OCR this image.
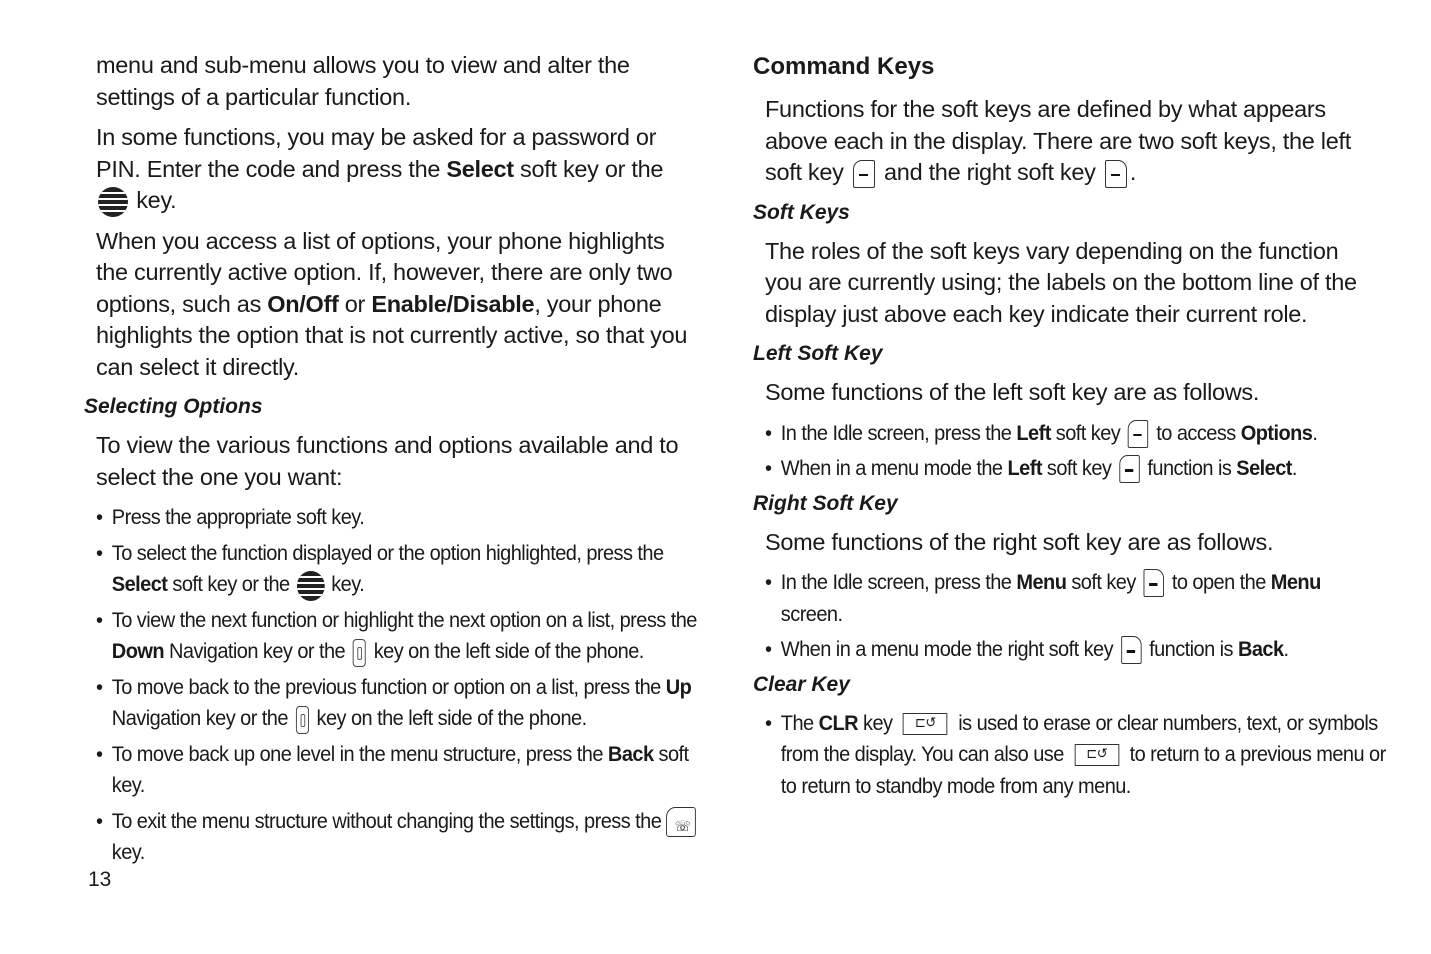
menu and sub-menu allows you to view and alter the settings of a particular function.

In some functions, you may be asked for a password or PIN. Enter the code and press the Select soft key or the
key.

When you access a list of options, your phone highlights the currently active option. If, however, there are only two options, such as On/Off or Enable/Disable, your phone highlights the option that is not currently active, so that you can select it directly.

Selecting Options

To view the various functions and options available and to select the one you want:

• Press the appropriate soft key.
• To select the function displayed or the option highlighted, press the Select soft key or the
key.
• To view the next function or highlight the next option on a list, press the Down Navigation key or the  key on the left side of the phone.
• To move back to the previous function or option on a list, press the Up Navigation key or the  key on the left side of the phone.
• To move back up one level in the menu structure, press the Back soft key.
• To exit the menu structure without changing the settings, press the ☏ key.
Command Keys

Functions for the soft keys are defined by what appears above each in the display. There are two soft keys, the left soft key  and the right soft key .

Soft Keys

The roles of the soft keys vary depending on the function you are currently using; the labels on the bottom line of the display just above each key indicate their current role.

Left Soft Key

Some functions of the left soft key are as follows.

• In the Idle screen, press the Left soft key  to access Options.
• When in a menu mode the Left soft key  function is Select.
Right Soft Key

Some functions of the right soft key are as follows.

• In the Idle screen, press the Menu soft key  to open the Menu screen.
• When in a menu mode the right soft key  function is Back.
Clear Key
• The CLR key ⊏↺ is used to erase or clear numbers, text, or symbols from the display. You can also use ⊏↺ to return to a previous menu or to return to standby mode from any menu.
13
